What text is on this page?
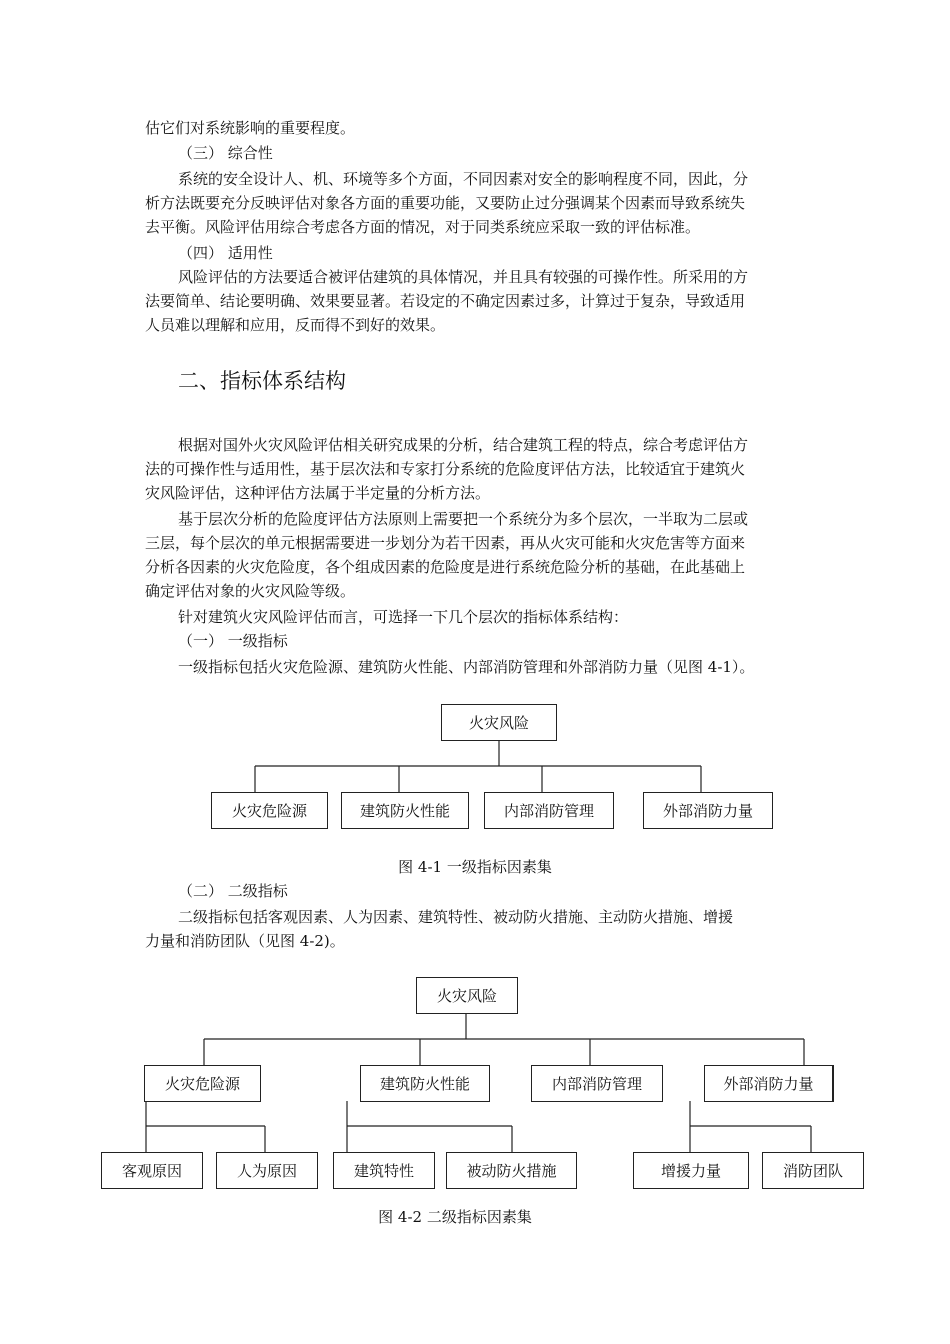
估它们对系统影响的重要程度。
（三） 综合性
系统的安全设计人、机、环境等多个方面，不同因素对安全的影响程度不同，因此，分
析方法既要充分反映评估对象各方面的重要功能，又要防止过分强调某个因素而导致系统失
去平衡。风险评估用综合考虑各方面的情况，对于同类系统应采取一致的评估标准。
（四） 适用性
风险评估的方法要适合被评估建筑的具体情况，并且具有较强的可操作性。所采用的方
法要简单、结论要明确、效果要显著。若设定的不确定因素过多，计算过于复杂，导致适用
人员难以理解和应用，反而得不到好的效果。
二、指标体系结构
根据对国外火灾风险评估相关研究成果的分析，结合建筑工程的特点，综合考虑评估方
法的可操作性与适用性，基于层次法和专家打分系统的危险度评估方法，比较适宜于建筑火
灾风险评估，这种评估方法属于半定量的分析方法。
基于层次分析的危险度评估方法原则上需要把一个系统分为多个层次，一半取为二层或
三层，每个层次的单元根据需要进一步划分为若干因素，再从火灾可能和火灾危害等方面来
分析各因素的火灾危险度，各个组成因素的危险度是进行系统危险分析的基础，在此基础上
确定评估对象的火灾风险等级。
针对建筑火灾风险评估而言，可选择一下几个层次的指标体系结构：
（一） 一级指标
一级指标包括火灾危险源、建筑防火性能、内部消防管理和外部消防力量（见图 4-1）。
火灾风险
火灾危险源	建筑防火性能	内部消防管理	外部消防力量
图 4-1 一级指标因素集
（二） 二级指标
二级指标包括客观因素、人为因素、建筑特性、被动防火措施、主动防火措施、增援
力量和消防团队（见图 4-2)。
火灾风险
火灾危险源	建筑防火性能	内部消防管理	外部消防力量
客观原因	人为原因	建筑特性	被动防火措施	增援力量	消防团队
图 4-2 二级指标因素集
